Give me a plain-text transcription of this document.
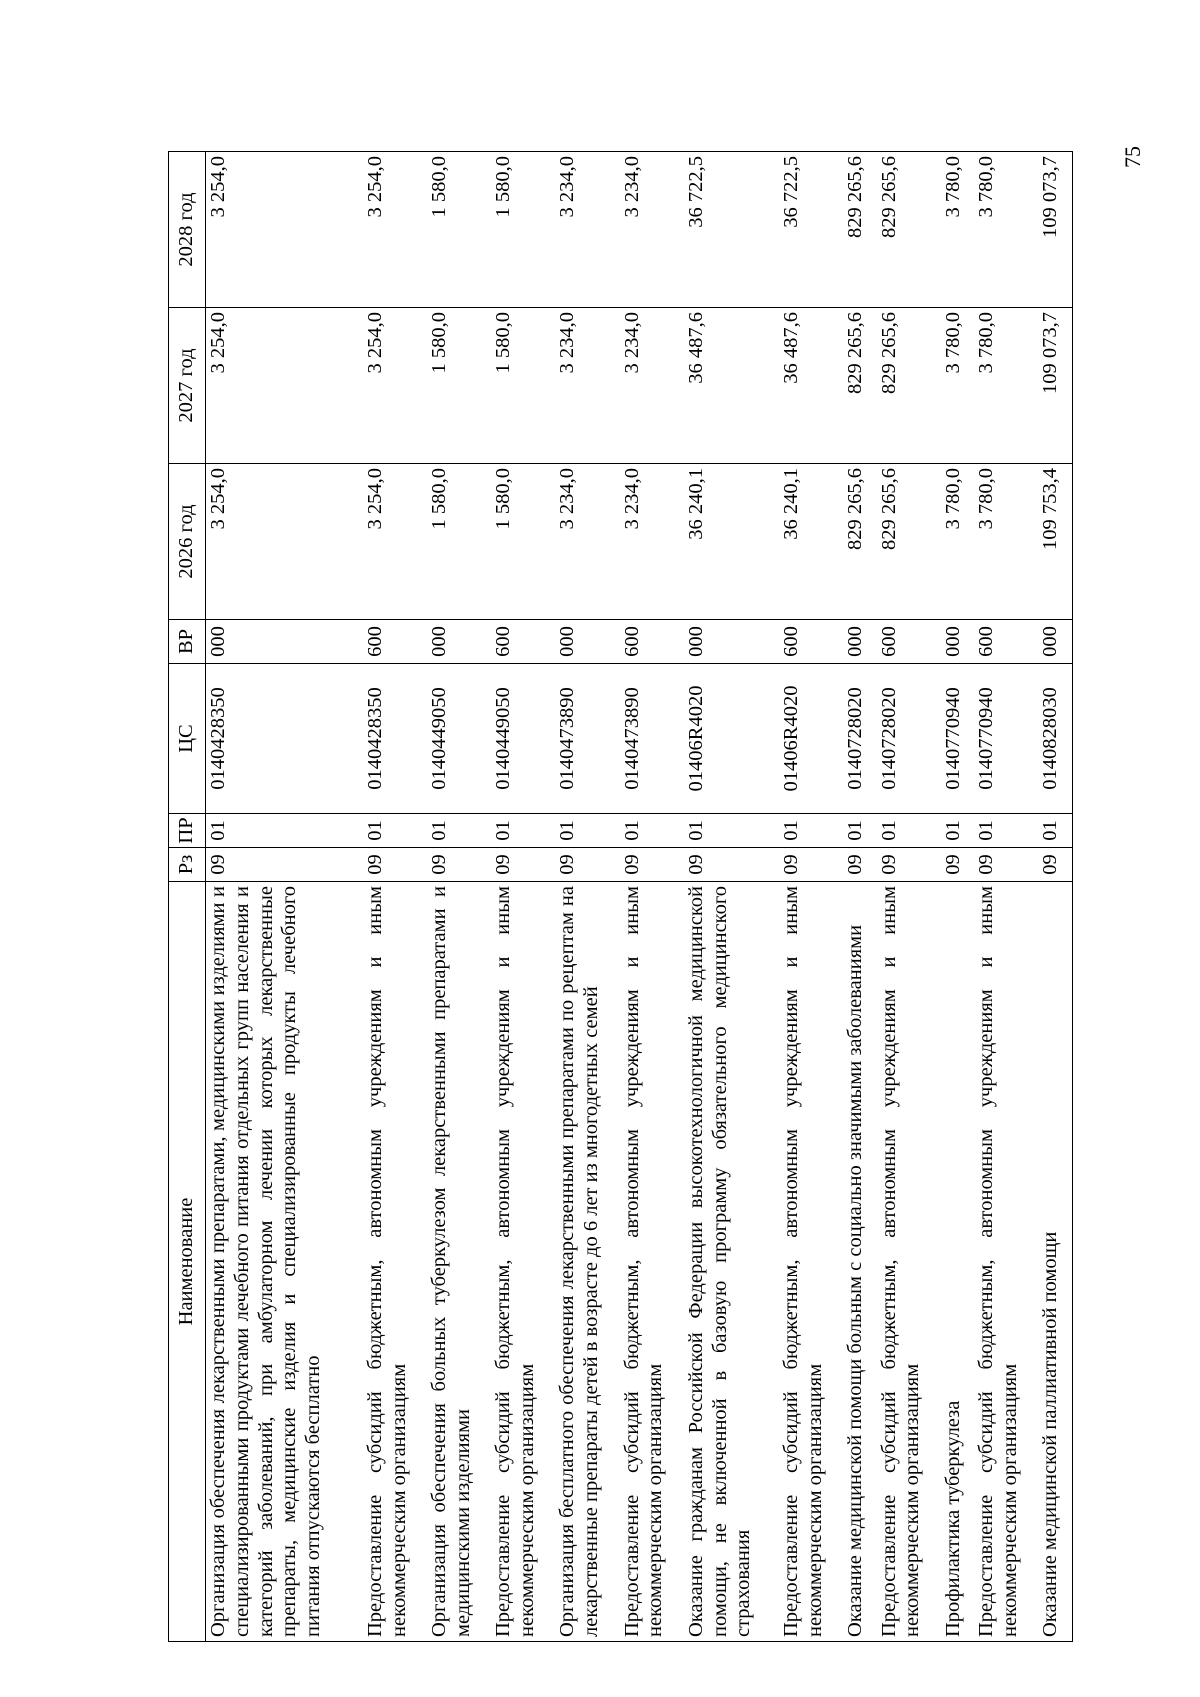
75
Наименование	Рз	ПР	ЦС	ВР	2026 год	2027 год	2028 год
Организация обеспечения лекарственными препаратами, медицинскими изделиями и специализированными продуктами лечебного питания отдельных групп населения и категорий заболеваний, при амбулаторном лечении которых лекарственные препараты, медицинские изделия и специализированные продукты лечебного питания отпускаются бесплатно	09	01	0140428350	000	3 254,0	3 254,0	3 254,0
Предоставление субсидий бюджетным, автономным учреждениям и иным некоммерческим организациям	09	01	0140428350	600	3 254,0	3 254,0	3 254,0
Организация обеспечения больных туберкулезом лекарственными препаратами и медицинскими изделиями	09	01	0140449050	000	1 580,0	1 580,0	1 580,0
Предоставление субсидий бюджетным, автономным учреждениям и иным некоммерческим организациям	09	01	0140449050	600	1 580,0	1 580,0	1 580,0
Организация бесплатного обеспечения лекарственными препаратами по рецептам на лекарственные препараты детей в возрасте до 6 лет из многодетных семей	09	01	0140473890	000	3 234,0	3 234,0	3 234,0
Предоставление субсидий бюджетным, автономным учреждениям и иным некоммерческим организациям	09	01	0140473890	600	3 234,0	3 234,0	3 234,0
Оказание гражданам Российской Федерации высокотехнологичной медицинской помощи, не включенной в базовую программу обязательного медицинского страхования	09	01	01406R4020	000	36 240,1	36 487,6	36 722,5
Предоставление субсидий бюджетным, автономным учреждениям и иным некоммерческим организациям	09	01	01406R4020	600	36 240,1	36 487,6	36 722,5
Оказание медицинской помощи больным с социально значимыми заболеваниями	09	01	0140728020	000	829 265,6	829 265,6	829 265,6
Предоставление субсидий бюджетным, автономным учреждениям и иным некоммерческим организациям	09	01	0140728020	600	829 265,6	829 265,6	829 265,6
Профилактика туберкулеза	09	01	0140770940	000	3 780,0	3 780,0	3 780,0
Предоставление субсидий бюджетным, автономным учреждениям и иным некоммерческим организациям	09	01	0140770940	600	3 780,0	3 780,0	3 780,0
Оказание медицинской паллиативной помощи	09	01	0140828030	000	109 753,4	109 073,7	109 073,7
